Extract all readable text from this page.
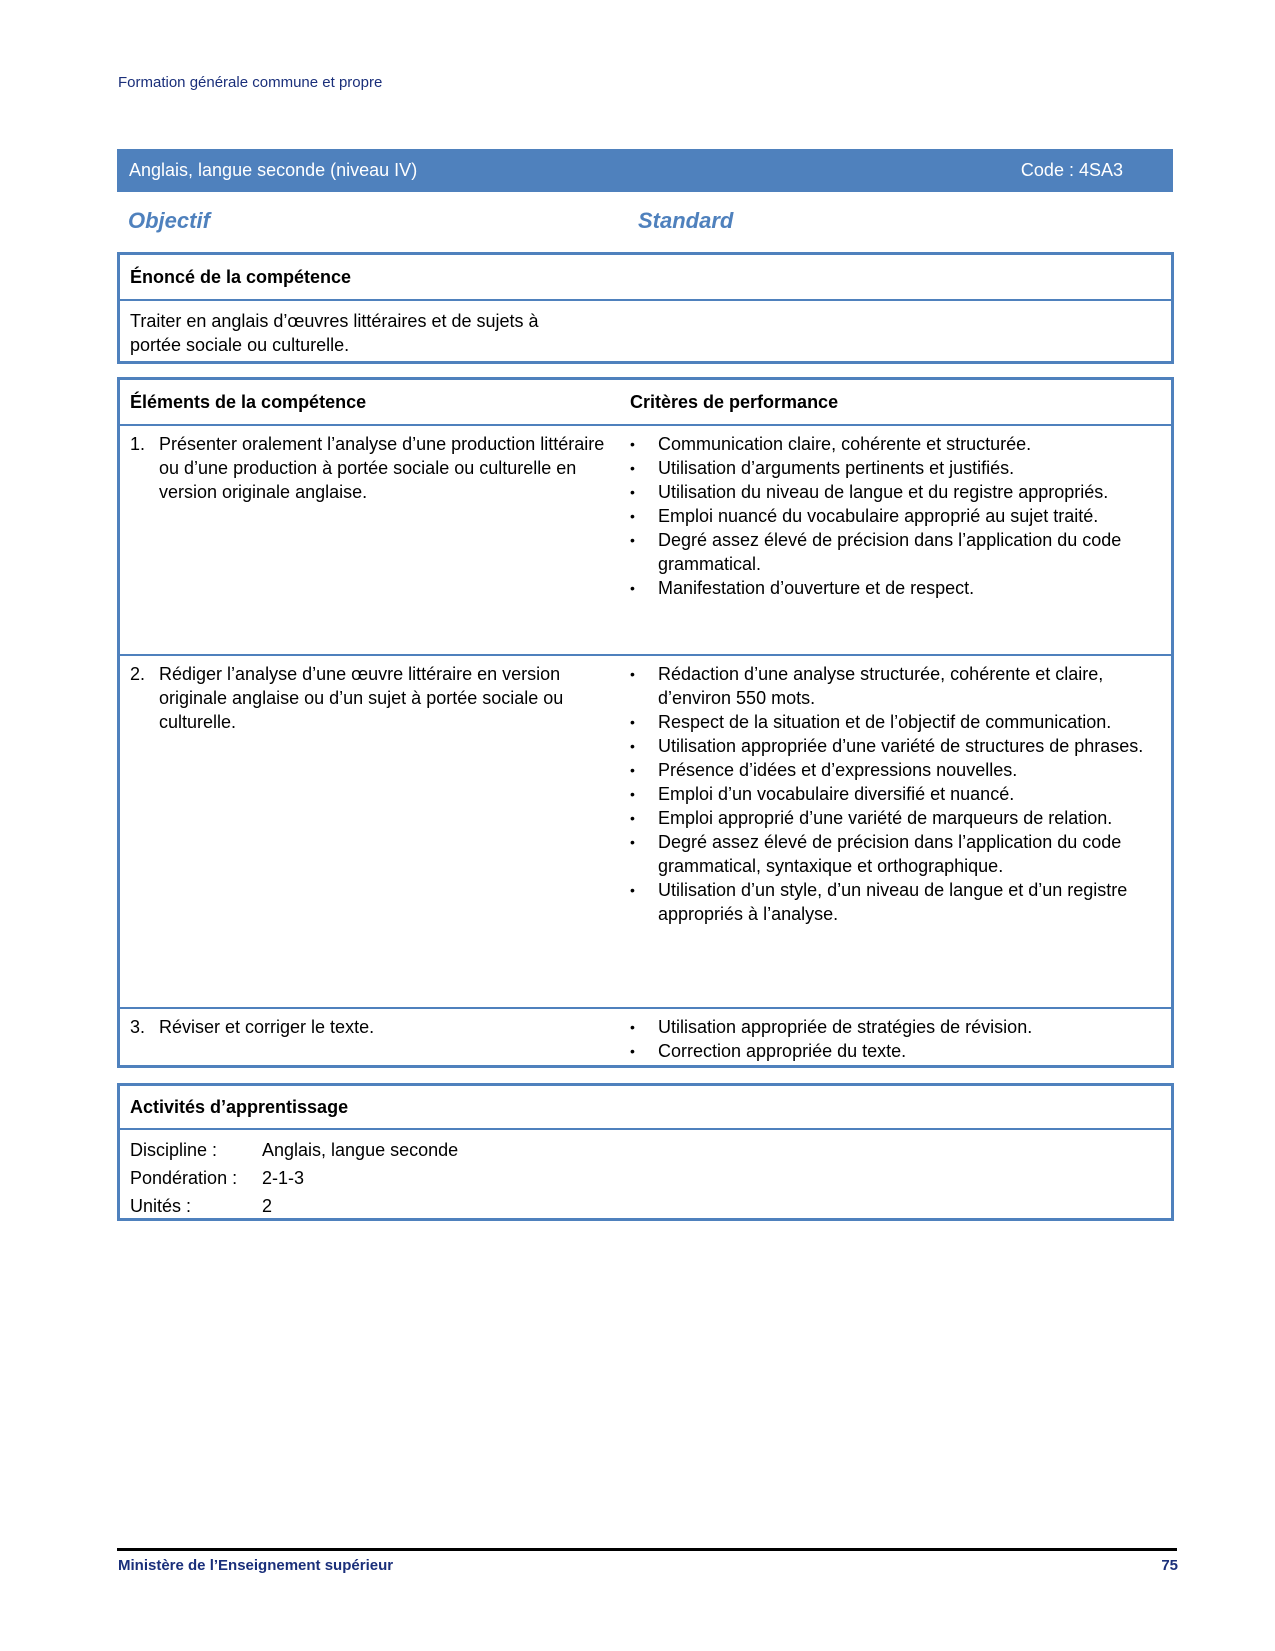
Formation générale commune et propre
Anglais, langue seconde (niveau IV)	Code : 4SA3
Objectif	Standard
Énoncé de la compétence
Traiter en anglais d’œuvres littéraires et de sujets à portée sociale ou culturelle.
Éléments de la compétence	Critères de performance
1. Présenter oralement l’analyse d’une production littéraire ou d’une production à portée sociale ou culturelle en version originale anglaise.
•	Communication claire, cohérente et structurée.
•	Utilisation d’arguments pertinents et justifiés.
•	Utilisation du niveau de langue et du registre appropriés.
•	Emploi nuancé du vocabulaire approprié au sujet traité.
•	Degré assez élevé de précision dans l’application du code grammatical.
•	Manifestation d’ouverture et de respect.
2. Rédiger l’analyse d’une œuvre littéraire en version originale anglaise ou d’un sujet à portée sociale ou culturelle.
•	Rédaction d’une analyse structurée, cohérente et claire, d’environ 550 mots.
•	Respect de la situation et de l’objectif de communication.
•	Utilisation appropriée d’une variété de structures de phrases.
•	Présence d’idées et d’expressions nouvelles.
•	Emploi d’un vocabulaire diversifié et nuancé.
•	Emploi approprié d’une variété de marqueurs de relation.
•	Degré assez élevé de précision dans l’application du code grammatical, syntaxique et orthographique.
•	Utilisation d’un style, d’un niveau de langue et d’un registre appropriés à l’analyse.
3. Réviser et corriger le texte.	•	Utilisation appropriée de stratégies de révision.
•	Correction appropriée du texte.
Activités d’apprentissage
Discipline :	Anglais, langue seconde
Pondération :	2-1-3
Unités :	2
Ministère de l’Enseignement supérieur	75
